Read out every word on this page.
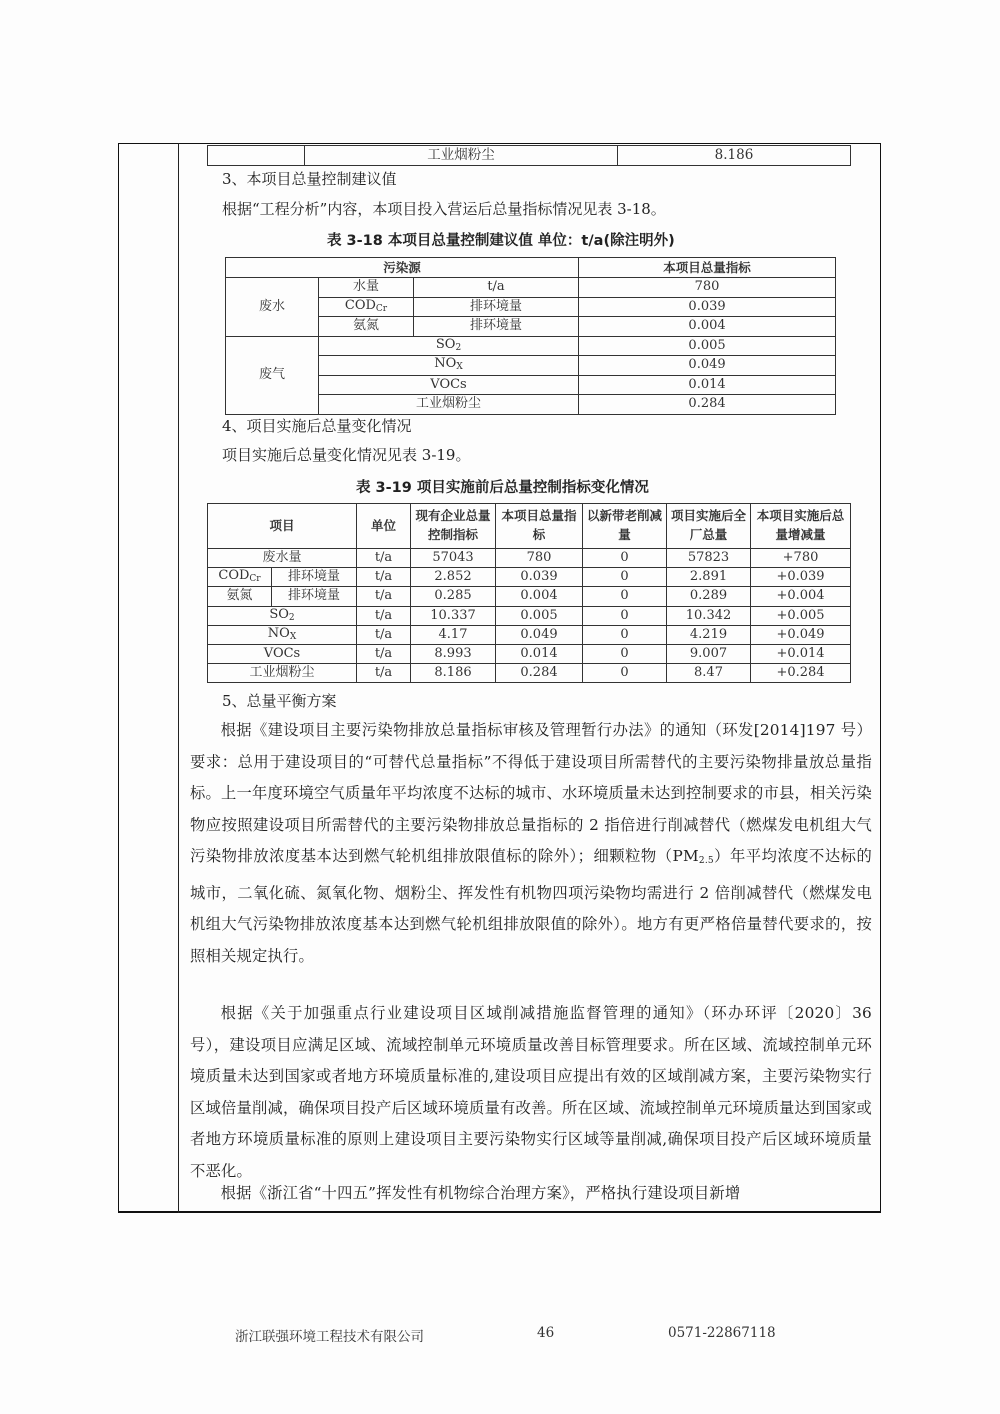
	工业烟粉尘	8.186
3、本项目总量控制建议值
根据“工程分析”内容，本项目投入营运后总量指标情况见表 3-18。
表 3-18 本项目总量控制建议值 单位：t/a(除注明外)
污染源			本项目总量指标
废水	水量	t/a	780
	$COD_{Cr}$	排环境量	0.039
	氨氮	排环境量	0.004
废气	$SO_2$		0.005
	$NO_X$		0.049
	VOCs		0.014
	工业烟粉尘		0.284
4、项目实施后总量变化情况
项目实施后总量变化情况见表 3-19。
表 3-19 项目实施前后总量控制指标变化情况
项目		单位	现有企业总量控制指标	本项目总量指标	以新带老削减量	项目实施后全厂总量	本项目实施后总量增减量
废水量		t/a	57043	780	0	57823	+780
$COD_{Cr}$	排环境量	t/a	2.852	0.039	0	2.891	+0.039
氨氮	排环境量	t/a	0.285	0.004	0	0.289	+0.004
$SO_2$		t/a	10.337	0.005	0	10.342	+0.005
$NO_X$		t/a	4.17	0.049	0	4.219	+0.049
VOCs		t/a	8.993	0.014	0	9.007	+0.014
工业烟粉尘		t/a	8.186	0.284	0	8.47	+0.284
5、总量平衡方案
根据《建设项目主要污染物排放总量指标审核及管理暂行办法》的通知（环发[2014]197 号）要求：总用于建设项目的“可替代总量指标”不得低于建设项目所需替代的主要污染物排量放总量指标。上一年度环境空气质量年平均浓度不达标的城市、水环境质量未达到控制要求的市县，相关污染物应按照建设项目所需替代的主要污染物排放总量指标的 2 指倍进行削减替代（燃煤发电机组大气污染物排放浓度基本达到燃气轮机组排放限值标的除外）；细颗粒物$(PM_{2.5})$年平均浓度不达标的城市，二氧化硫、氮氧化物、烟粉尘、挥发性有机物四项污染物均需进行 2 倍削减替代（燃煤发电机组大气污染物排放浓度基本达到燃气轮机组排放限值的除外）。地方有更严格倍量替代要求的，按照相关规定执行。
根据《关于加强重点行业建设项目区域削减措施监督管理的通知》（环办环评〔2020〕36 号），建设项目应满足区域、流域控制单元环境质量改善目标管理要求。所在区域、流域控制单元环境质量未达到国家或者地方环境质量标准的,建设项目应提出有效的区域削减方案，主要污染物实行区域倍量削减，确保项目投产后区域环境质量有改善。所在区域、流域控制单元环境质量达到国家或者地方环境质量标准的原则上建设项目主要污染物实行区域等量削减,确保项目投产后区域环境质量不恶化。
根据《浙江省“十四五”挥发性有机物综合治理方案》，严格执行建设项目新增
浙江联强环境工程技术有限公司	46	0571-22867118
